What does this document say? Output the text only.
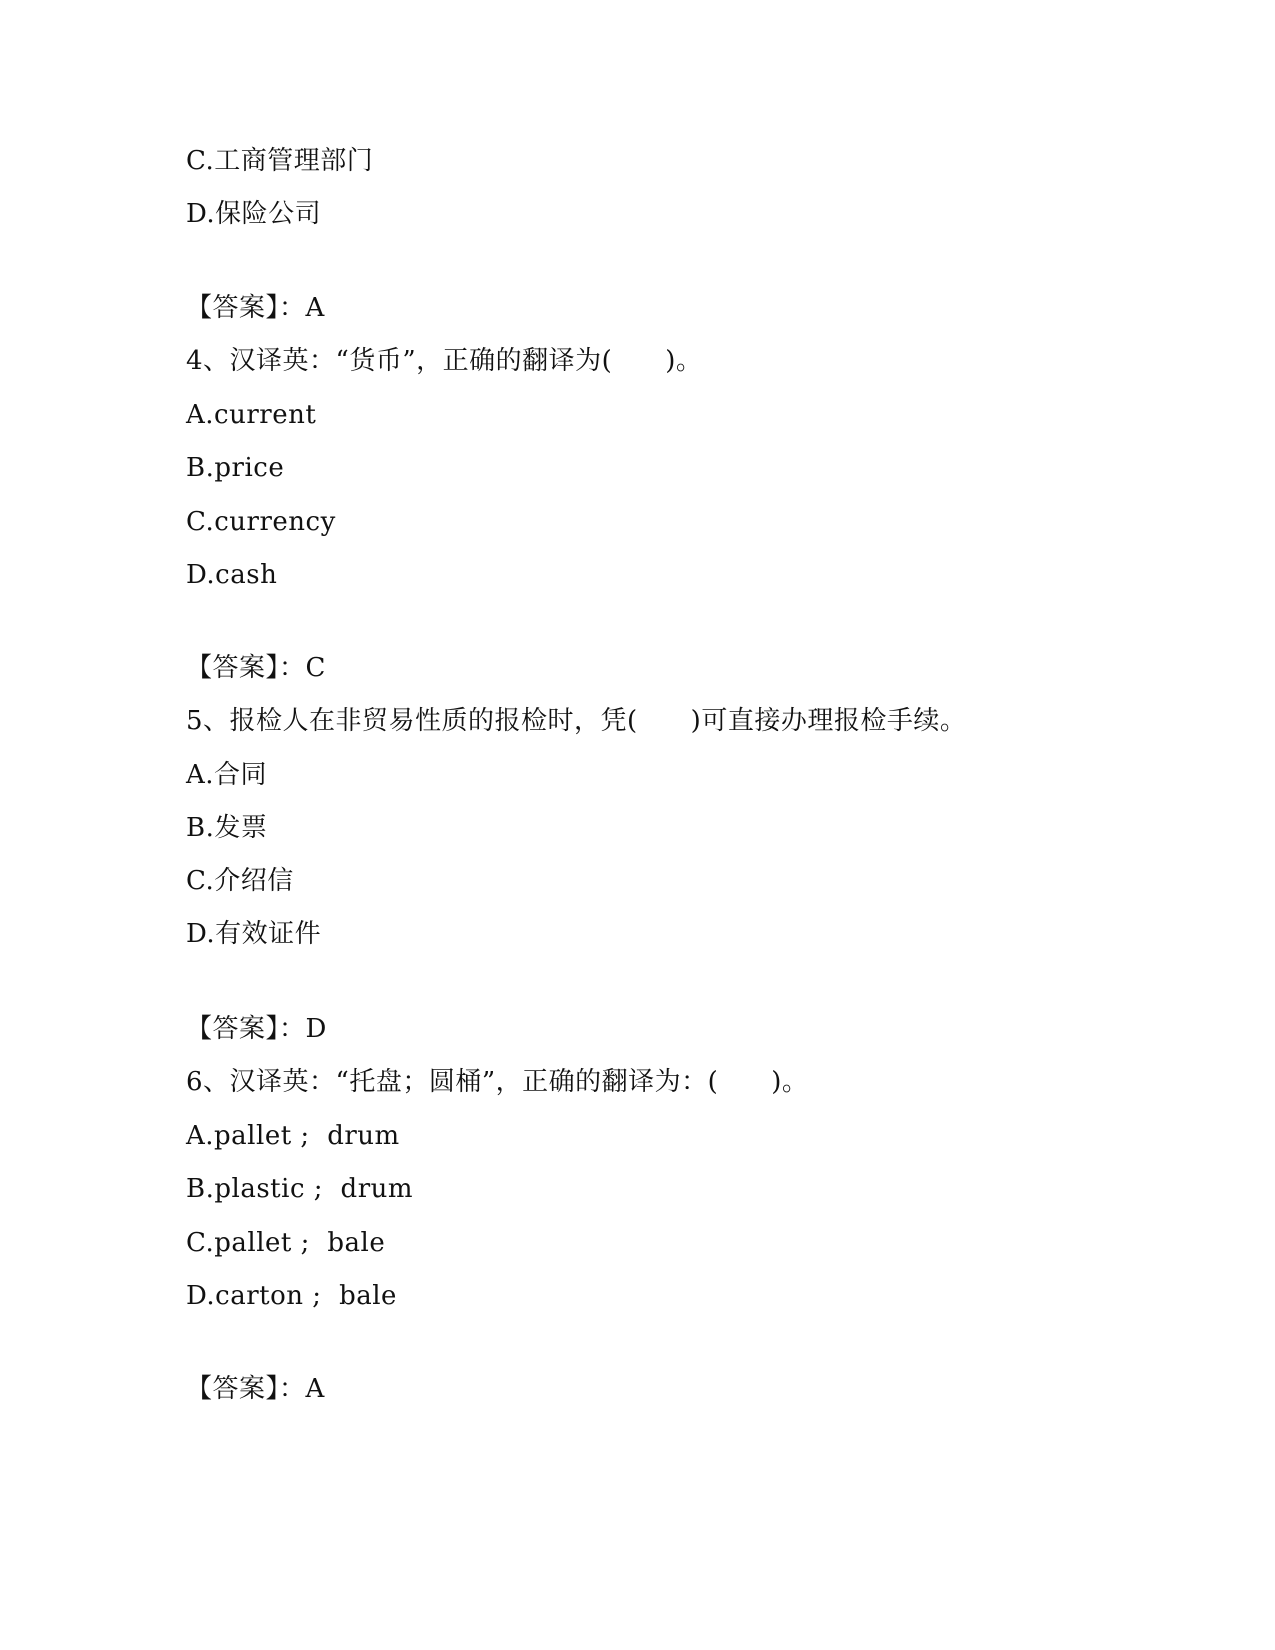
C.工商管理部门
D.保险公司
【答案】：A
4、汉译英：“货币”，正确的翻译为(　　)。
A.current
B.price
C.currency
D.cash
【答案】：C
5、报检人在非贸易性质的报检时，凭(　　)可直接办理报检手续。
A.合同
B.发票
C.介绍信
D.有效证件
【答案】：D
6、汉译英：“托盘；圆桶”，正确的翻译为：(　　)。
A.pallet ;  drum
B.plastic ;  drum
C.pallet ;  bale
D.carton ;  bale
【答案】：A
